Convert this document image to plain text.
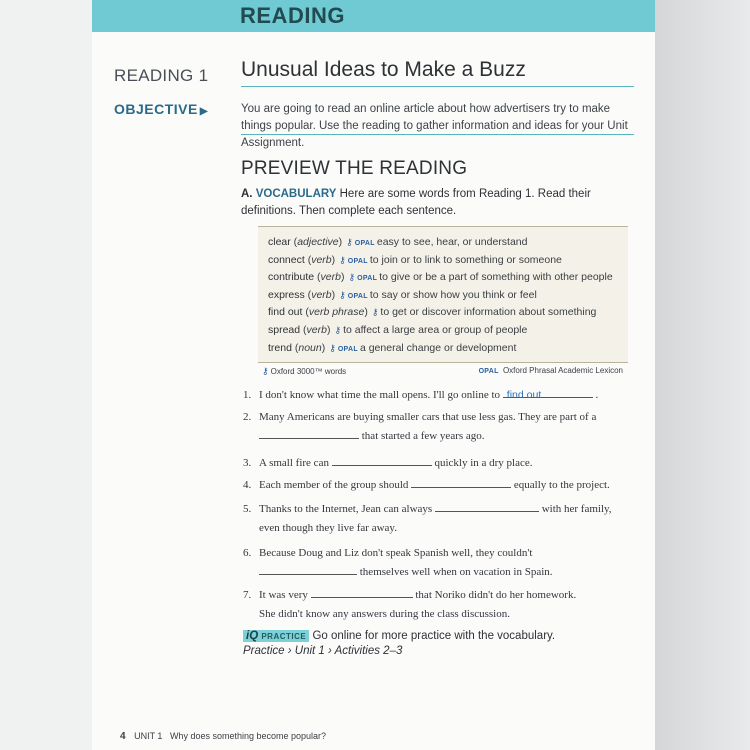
READING
READING 1 Unusual Ideas to Make a Buzz
OBJECTIVE ▶	You are going to read an online article about how advertisers try to make things popular. Use the reading to gather information and ideas for your Unit Assignment.
PREVIEW THE READING
A. VOCABULARY Here are some words from Reading 1. Read their definitions. Then complete each sentence.
clear (adjective) ⚷ OPAL easy to see, hear, or understand
connect (verb) ⚷ OPAL to join or to link to something or someone
contribute (verb) ⚷ OPAL to give or be a part of something with other people
express (verb) ⚷ OPAL to say or show how you think or feel
find out (verb phrase) ⚷ to get or discover information about something
spread (verb) ⚷ to affect a large area or group of people
trend (noun) ⚷ OPAL a general change or development
⚷ Oxford 3000™ words	OPAL Oxford Phrasal Academic Lexicon
1. I don't know what time the mall opens. I'll go online to find out	.
2. Many Americans are buying smaller cars that use less gas. They are part of a
that started a few years ago.
3. A small fire can	quickly in a dry place.
4. Each member of the group should	equally to the project.
5. Thanks to the Internet, Jean can always	with her family,
even though they live far away.
6. Because Doug and Liz don't speak Spanish well, they couldn't
themselves well when on vacation in Spain.
7. It was very	that Noriko didn't do her homework.
She didn't know any answers during the class discussion.
iQ PRACTICE Go online for more practice with the vocabulary.
Practice › Unit 1 › Activities 2–3
4 UNIT 1 Why does something become popular?
